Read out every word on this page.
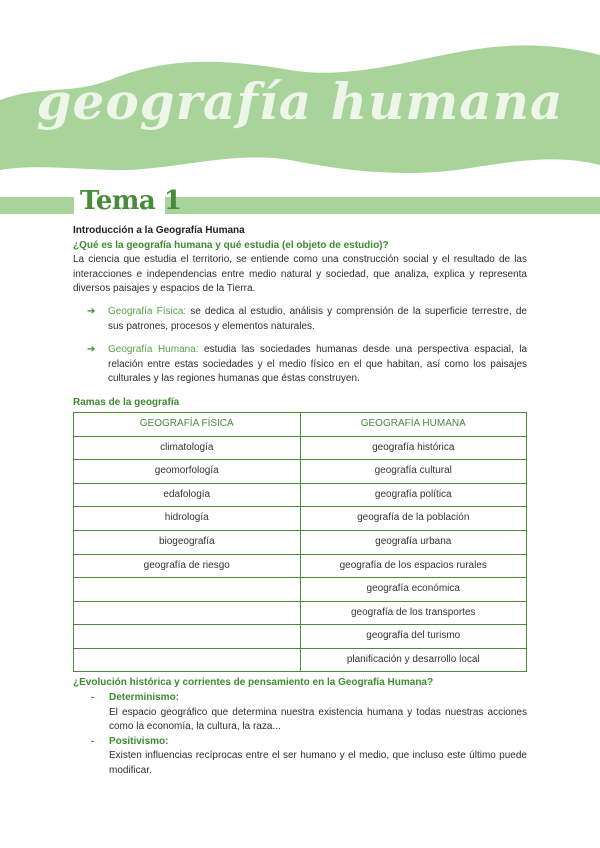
geografía humana
Tema 1

Introducción a la Geografía Humana

¿Qué es la geografía humana y qué estudia (el objeto de estudio)?

La ciencia que estudia el territorio, se entiende como una construcción social y el resultado de las interacciones e independencias entre medio natural y sociedad, que analiza, explica y representa diversos paisajes y espacios de la Tierra.

➔ Geografía Física: se dedica al estudio, análisis y comprensión de la superficie terrestre, de sus patrones, procesos y elementos naturales.
➔ Geografía Humana: estudia las sociedades humanas desde una perspectiva espacial, la relación entre estas sociedades y el medio físico en el que habitan, así como los paisajes culturales y las regiones humanas que éstas construyen.

Ramas de la geografía

GEOGRAFÍA FÍSICA	GEOGRAFÍA HUMANA
climatología	geografía histórica
geomorfología	geografía cultural
edafología	geografía política
hidrología	geografía de la población
biogeografía	geografía urbana
geografía de riesgo	geografía de los espacios rurales
	geografía económica
	geografía de los transportes
	geografía del turismo
	planificación y desarrollo local

¿Evolución histórica y corrientes de pensamiento en la Geografía Humana?

- Determinismo:
El espacio geográfico que determina nuestra existencia humana y todas nuestras acciones como la economía, la cultura, la raza...
- Positivismo:
Existen influencias recíprocas entre el ser humano y el medio, que incluso este último puede modificar.
